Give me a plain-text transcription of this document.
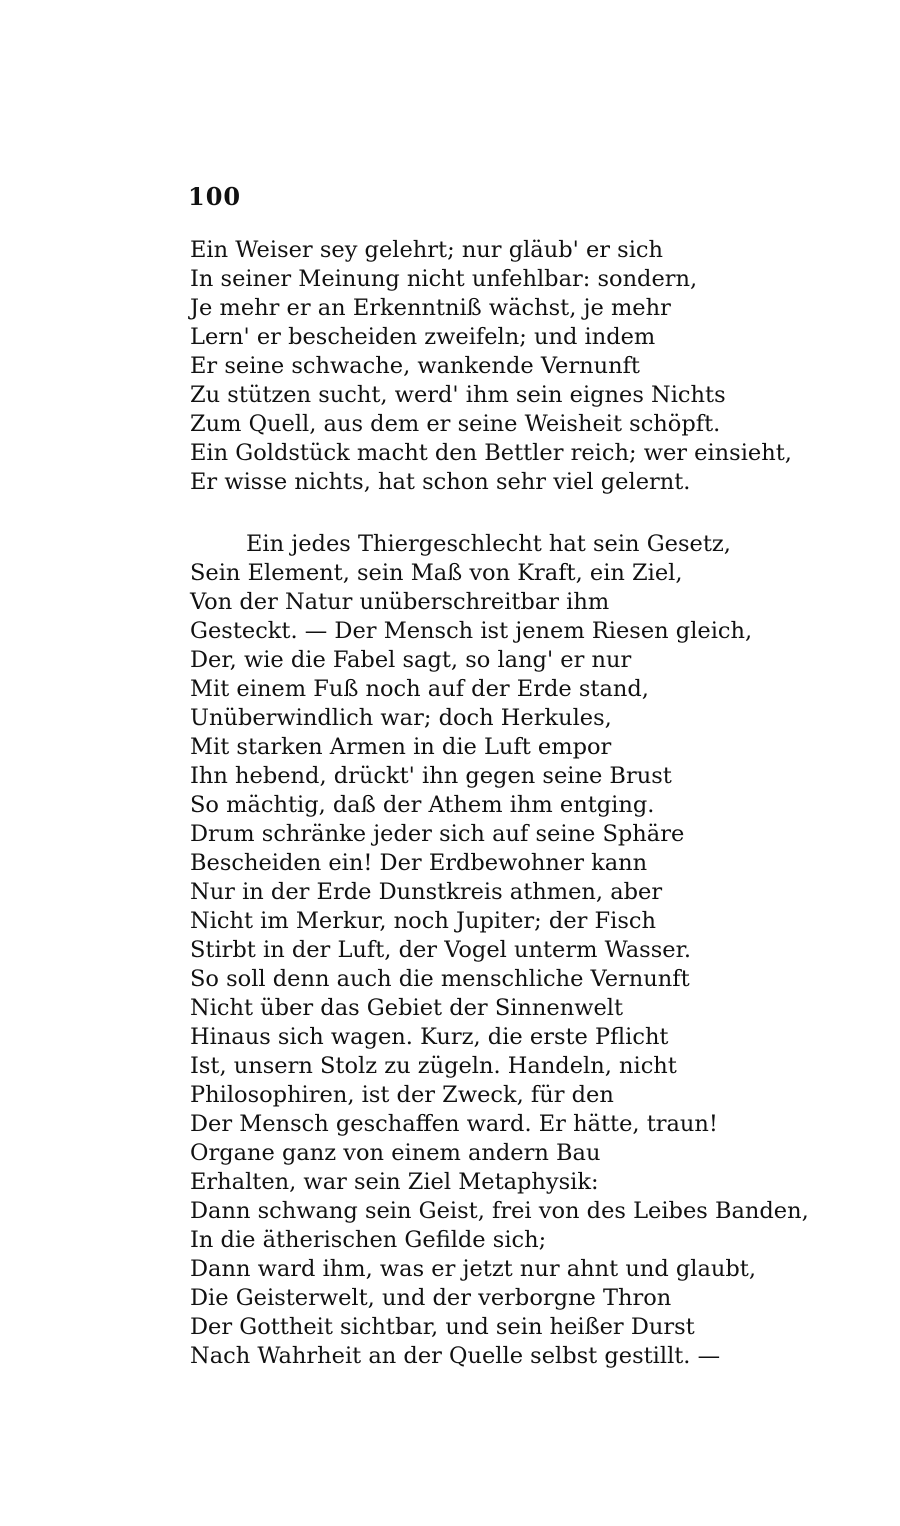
100
Ein Weiser sey gelehrt; nur gläub' er sich
In seiner Meinung nicht unfehlbar: sondern,
Je mehr er an Erkenntniß wächst, je mehr
Lern' er bescheiden zweifeln; und indem
Er seine schwache, wankende Vernunft
Zu stützen sucht, werd' ihm sein eignes Nichts
Zum Quell, aus dem er seine Weisheit schöpft.
Ein Goldstück macht den Bettler reich; wer einsieht,
Er wisse nichts, hat schon sehr viel gelernt.
Ein jedes Thiergeschlecht hat sein Gesetz,
Sein Element, sein Maß von Kraft, ein Ziel,
Von der Natur unüberschreitbar ihm
Gesteckt. — Der Mensch ist jenem Riesen gleich,
Der, wie die Fabel sagt, so lang' er nur
Mit einem Fuß noch auf der Erde stand,
Unüberwindlich war; doch Herkules,
Mit starken Armen in die Luft empor
Ihn hebend, drückt' ihn gegen seine Brust
So mächtig, daß der Athem ihm entging.
Drum schränke jeder sich auf seine Sphäre
Bescheiden ein! Der Erdbewohner kann
Nur in der Erde Dunstkreis athmen, aber
Nicht im Merkur, noch Jupiter; der Fisch
Stirbt in der Luft, der Vogel unterm Wasser.
So soll denn auch die menschliche Vernunft
Nicht über das Gebiet der Sinnenwelt
Hinaus sich wagen. Kurz, die erste Pflicht
Ist, unsern Stolz zu zügeln. Handeln, nicht
Philosophiren, ist der Zweck, für den
Der Mensch geschaffen ward. Er hätte, traun!
Organe ganz von einem andern Bau
Erhalten, war sein Ziel Metaphysik:
Dann schwang sein Geist, frei von des Leibes Banden,
In die ätherischen Gefilde sich;
Dann ward ihm, was er jetzt nur ahnt und glaubt,
Die Geisterwelt, und der verborgne Thron
Der Gottheit sichtbar, und sein heißer Durst
Nach Wahrheit an der Quelle selbst gestillt. —
